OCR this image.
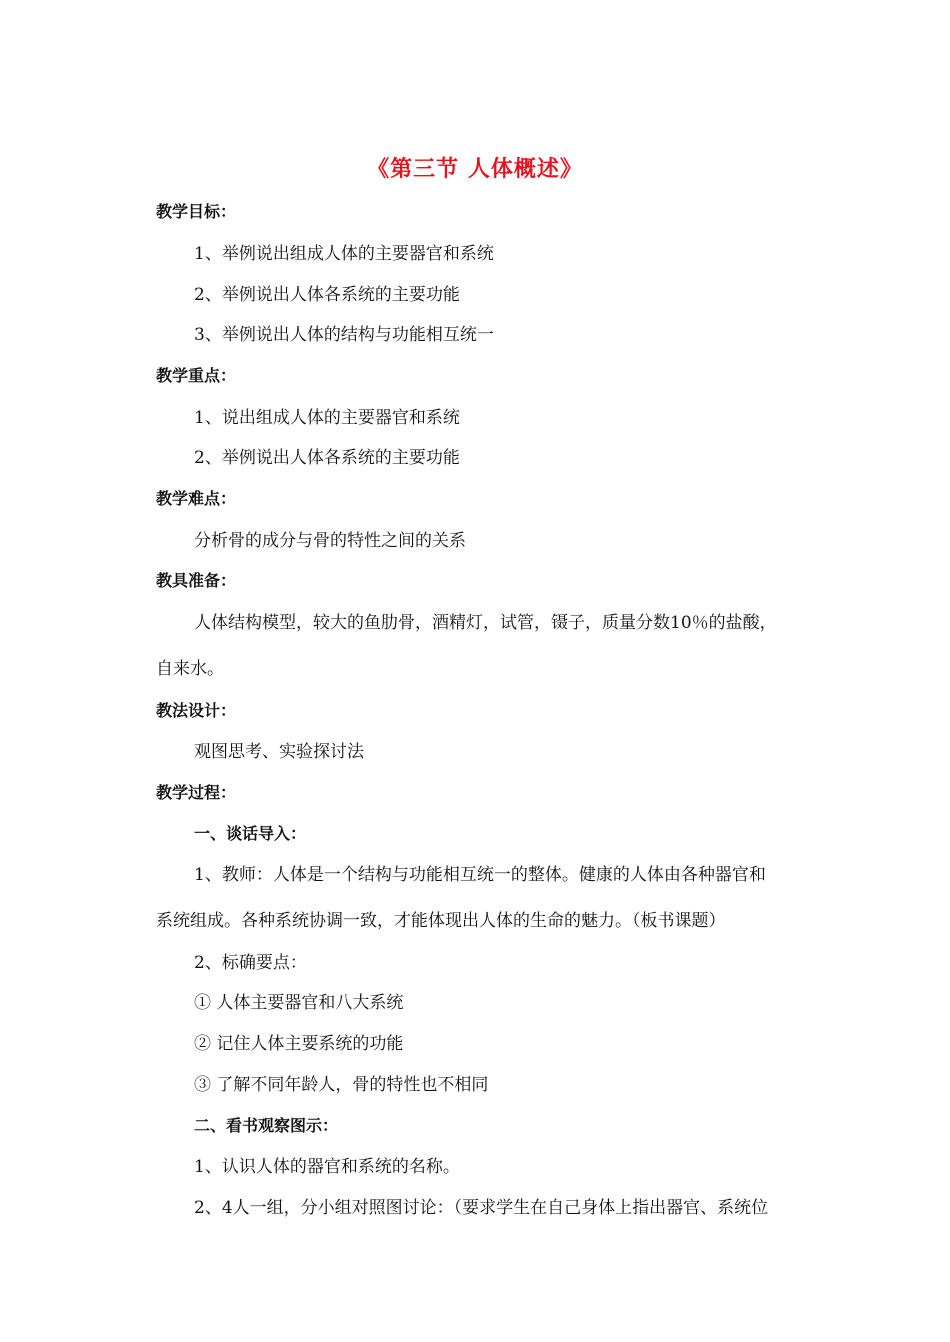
《第三节 人体概述》
教学目标：
1、举例说出组成人体的主要器官和系统
2、举例说出人体各系统的主要功能
3、举例说出人体的结构与功能相互统一
教学重点：
1、说出组成人体的主要器官和系统
2、举例说出人体各系统的主要功能
教学难点：
分析骨的成分与骨的特性之间的关系
教具准备：
人体结构模型，较大的鱼肋骨，酒精灯，试管，镊子，质量分数10％的盐酸，
自来水。
教法设计：
观图思考、实验探讨法
教学过程：
一、谈话导入：
1、教师：人体是一个结构与功能相互统一的整体。健康的人体由各种器官和
系统组成。各种系统协调一致，才能体现出人体的生命的魅力。（板书课题）
2、标确要点：
① 人体主要器官和八大系统
② 记住人体主要系统的功能
③ 了解不同年龄人，骨的特性也不相同
二、看书观察图示：
1、认识人体的器官和系统的名称。
2、4人一组，分小组对照图讨论：（要求学生在自己身体上指出器官、系统位
